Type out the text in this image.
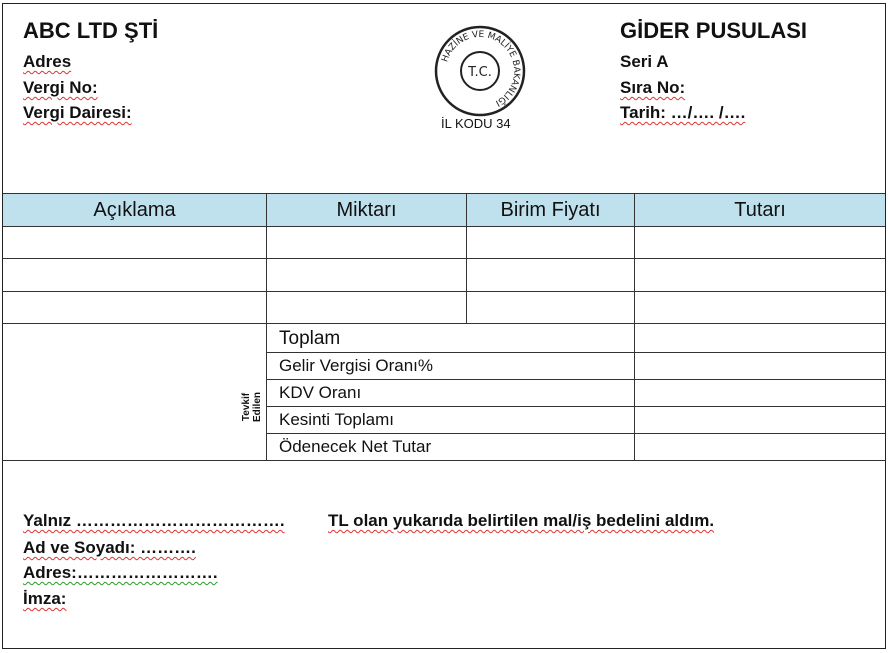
ABC LTD ŞTİ
Adres
Vergi No:
Vergi Dairesi:
HAZİNE VE MALİYE BAKANLIĞI
T.C.
İL KODU 34
GİDER PUSULASI
Seri A
Sıra No:
Tarih: …/…. /….
Açıklama	Miktarı	Birim Fiyatı	Tutarı
Tevkif Edilen
Toplam
Gelir Vergisi Oranı%
KDV Oranı
Kesinti Toplamı
Ödenecek Net Tutar
Yalnız ……………………………….	TL olan yukarıda belirtilen mal/iş bedelini aldım.
Ad ve Soyadı: ……….
Adres:…………………….
İmza:
